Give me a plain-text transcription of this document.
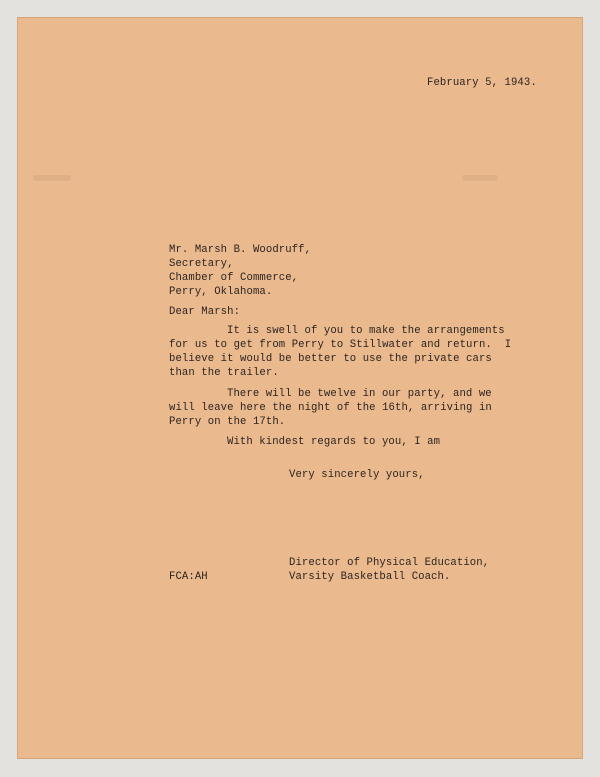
February 5, 1943.
Mr. Marsh B. Woodruff,
Secretary,
Chamber of Commerce,
Perry, Oklahoma.
Dear Marsh:
It is swell of you to make the arrangements
for us to get from Perry to Stillwater and return.  I
believe it would be better to use the private cars
than the trailer.
There will be twelve in our party, and we
will leave here the night of the 16th, arriving in
Perry on the 17th.
With kindest regards to you, I am
Very sincerely yours,
Director of Physical Education,
Varsity Basketball Coach.
FCA:AH
